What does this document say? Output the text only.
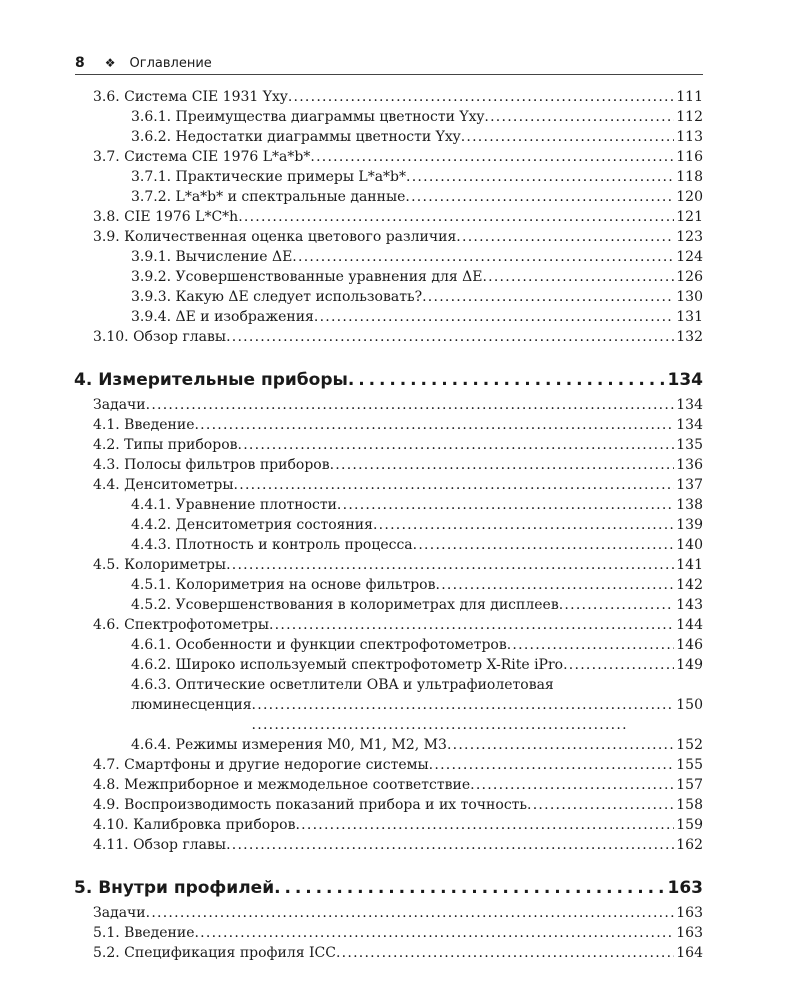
8 ❖ Оглавление
3.6. Система CIE 1931 Yxy . . .	111
3.6.1. Преимущества диаграммы цветности Yxy . . .	112
3.6.2. Недостатки диаграммы цветности Yxy . . .	113
3.7. Система CIE 1976 L*a*b* . . .	116
3.7.1. Практические примеры L*a*b* . . .	118
3.7.2. L*a*b* и спектральные данные . . .	120
3.8. CIE 1976 L*C*h . . .	121
3.9. Количественная оценка цветового различия . . .	123
3.9.1. Вычисление ΔE . . .	124
3.9.2. Усовершенствованные уравнения для ΔE . . .	126
3.9.3. Какую ΔE следует использовать? . . .	130
3.9.4. ΔE и изображения . . .	131
3.10. Обзор главы . . .	132
4. Измерительные приборы . . .	134
Задачи . . .	134
4.1. Введение . . .	134
4.2. Типы приборов . . .	135
4.3. Полосы фильтров приборов . . .	136
4.4. Денситометры . . .	137
4.4.1. Уравнение плотности . . .	138
4.4.2. Денситометрия состояния . . .	139
4.4.3. Плотность и контроль процесса . . .	140
4.5. Колориметры . . .	141
4.5.1. Колориметрия на основе фильтров . . .	142
4.5.2. Усовершенствования в колориметрах для дисплеев . . .	143
4.6. Спектрофотометры . . .	144
4.6.1. Особенности и функции спектрофотометров . . .	146
4.6.2. Широко используемый спектрофотометр X-Rite iPro . . .	149
4.6.3. Оптические осветлители OBA и ультрафиолетовая
люминесценция . . .	150
4.6.4. Режимы измерения M0, M1, M2, M3 . . .	152
4.7. Смартфоны и другие недорогие системы . . .	155
4.8. Межприборное и межмодельное соответствие . . .	157
4.9. Воспроизводимость показаний прибора и их точность . . .	158
4.10. Калибровка приборов . . .	159
4.11. Обзор главы . . .	162
5. Внутри профилей . . .	163
Задачи . . .	163
5.1. Введение . . .	163
5.2. Спецификация профиля ICC . . .	164
